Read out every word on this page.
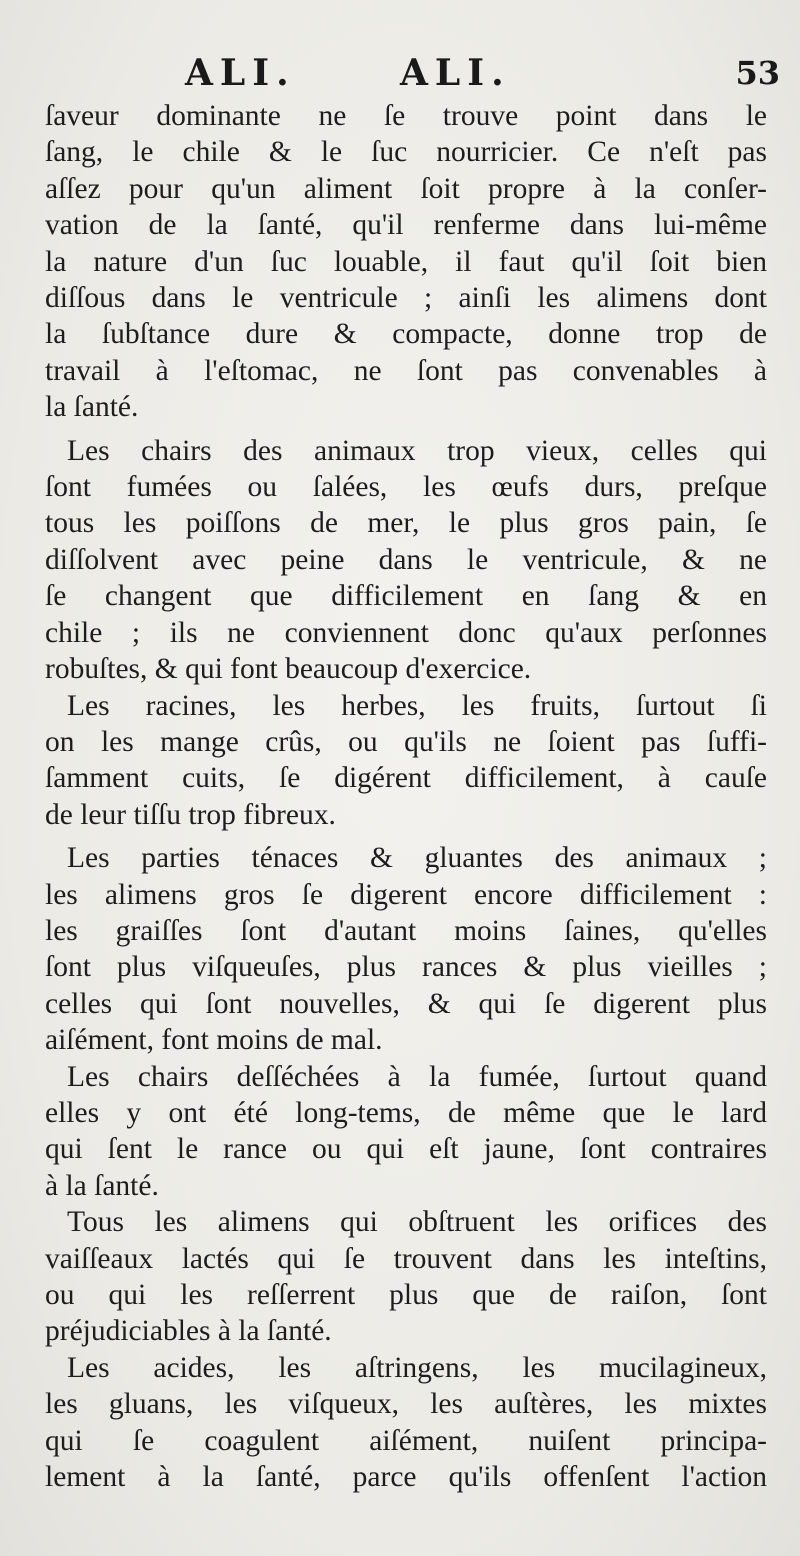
ALI.	ALI.	53

ſaveur dominante ne ſe trouve point dans le
ſang, le chile & le ſuc nourricier. Ce n'eſt pas
aſſez pour qu'un aliment ſoit propre à la conſer-
vation de la ſanté, qu'il renferme dans lui-même
la nature d'un ſuc louable, il faut qu'il ſoit bien
diſſous dans le ventricule ; ainſi les alimens dont
la ſubſtance dure & compacte, donne trop de
travail à l'eſtomac, ne ſont pas convenables à
la ſanté.

Les chairs des animaux trop vieux, celles qui
ſont fumées ou ſalées, les œufs durs, preſque
tous les poiſſons de mer, le plus gros pain, ſe
diſſolvent avec peine dans le ventricule, & ne
ſe changent que difficilement en ſang & en
chile ; ils ne conviennent donc qu'aux perſonnes
robuſtes, & qui font beaucoup d'exercice.

Les racines, les herbes, les fruits, ſurtout ſi
on les mange crûs, ou qu'ils ne ſoient pas ſuffi-
ſamment cuits, ſe digérent difficilement, à cauſe
de leur tiſſu trop fibreux.

Les parties ténaces & gluantes des animaux ;
les alimens gros ſe digerent encore difficilement :
les graiſſes ſont d'autant moins ſaines, qu'elles
ſont plus viſqueuſes, plus rances & plus vieilles ;
celles qui ſont nouvelles, & qui ſe digerent plus
aiſément, font moins de mal.

Les chairs deſſéchées à la fumée, ſurtout quand
elles y ont été long-tems, de même que le lard
qui ſent le rance ou qui eſt jaune, ſont contraires
à la ſanté.

Tous les alimens qui obſtruent les orifices des
vaiſſeaux lactés qui ſe trouvent dans les inteſtins,
ou qui les reſſerrent plus que de raiſon, ſont
préjudiciables à la ſanté.

Les acides, les aſtringens, les mucilagineux,
les gluans, les viſqueux, les auſtères, les mixtes
qui ſe coagulent aiſément, nuiſent principa-
lement à la ſanté, parce qu'ils offenſent l'action
